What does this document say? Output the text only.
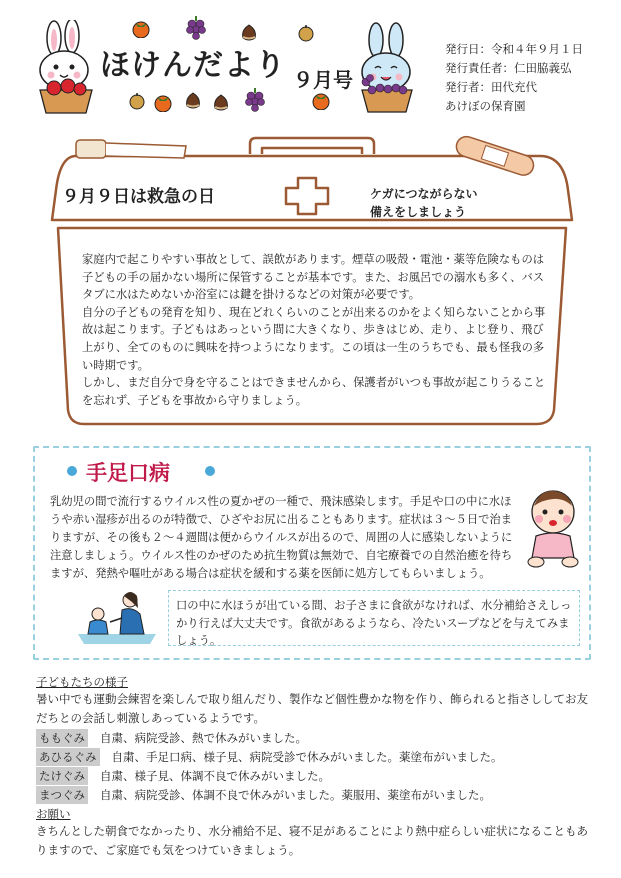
ほけんだより ９月号
発行日：令和４年９月１日
発行責任者：仁田脇義弘
発行者：田代充代
あけぼの保育園
９月９日は救急の日	ケガにつながらない
備えをしましょう

家庭内で起こりやすい事故として、誤飲があります。煙草の吸殻・電池・薬等危険なものは子どもの手の届かない場所に保管することが基本です。また、お風呂での溺水も多く、バスタブに水はためないか浴室には鍵を掛けるなどの対策が必要です。

自分の子どもの発育を知り、現在どれくらいのことが出来るのかをよく知らないことから事故は起こります。子どもはあっという間に大きくなり、歩きはじめ、走り、よじ登り、飛び上がり、全てのものに興味を持つようになります。この頃は一生のうちでも、最も怪我の多い時期です。

しかし、まだ自分で身を守ることはできませんから、保護者がいつも事故が起こりうることを忘れず、子どもを事故から守りましょう。

手足口病
乳幼児の間で流行するウイルス性の夏かぜの一種で、飛沫感染します。手足や口の中に水ほうや赤い湿疹が出るのが特徴で、ひざやお尻に出ることもあります。症状は３～５日で治まりますが、その後も２～４週間は便からウイルスが出るので、周囲の人に感染しないように注意しましょう。ウイルス性のかぜのため抗生物質は無効で、自宅療養での自然治癒を待ちますが、発熱や嘔吐がある場合は症状を緩和する薬を医師に処方してもらいましょう。
口の中に水ほうが出ている間、お子さまに食欲がなければ、水分補給さえしっかり行えば大丈夫です。食欲があるようなら、冷たいスープなどを与えてみましょう。
子どもたちの様子
暑い中でも運動会練習を楽しんで取り組んだり、製作など個性豊かな物を作り、飾られると指さししてお友だちとの会話し刺激しあっているようです。
ももぐみ 自粛、病院受診、熱で休みがいました。
あひるぐみ 自粛、手足口病、様子見、病院受診で休みがいました。薬塗布がいました。
たけぐみ 自粛、様子見、体調不良で休みがいました。
まつぐみ 自粛、病院受診、体調不良で休みがいました。薬服用、薬塗布がいました。
お願い
きちんとした朝食でなかったり、水分補給不足、寝不足があることにより熱中症らしい症状になることもありますので、ご家庭でも気をつけていきましょう。
